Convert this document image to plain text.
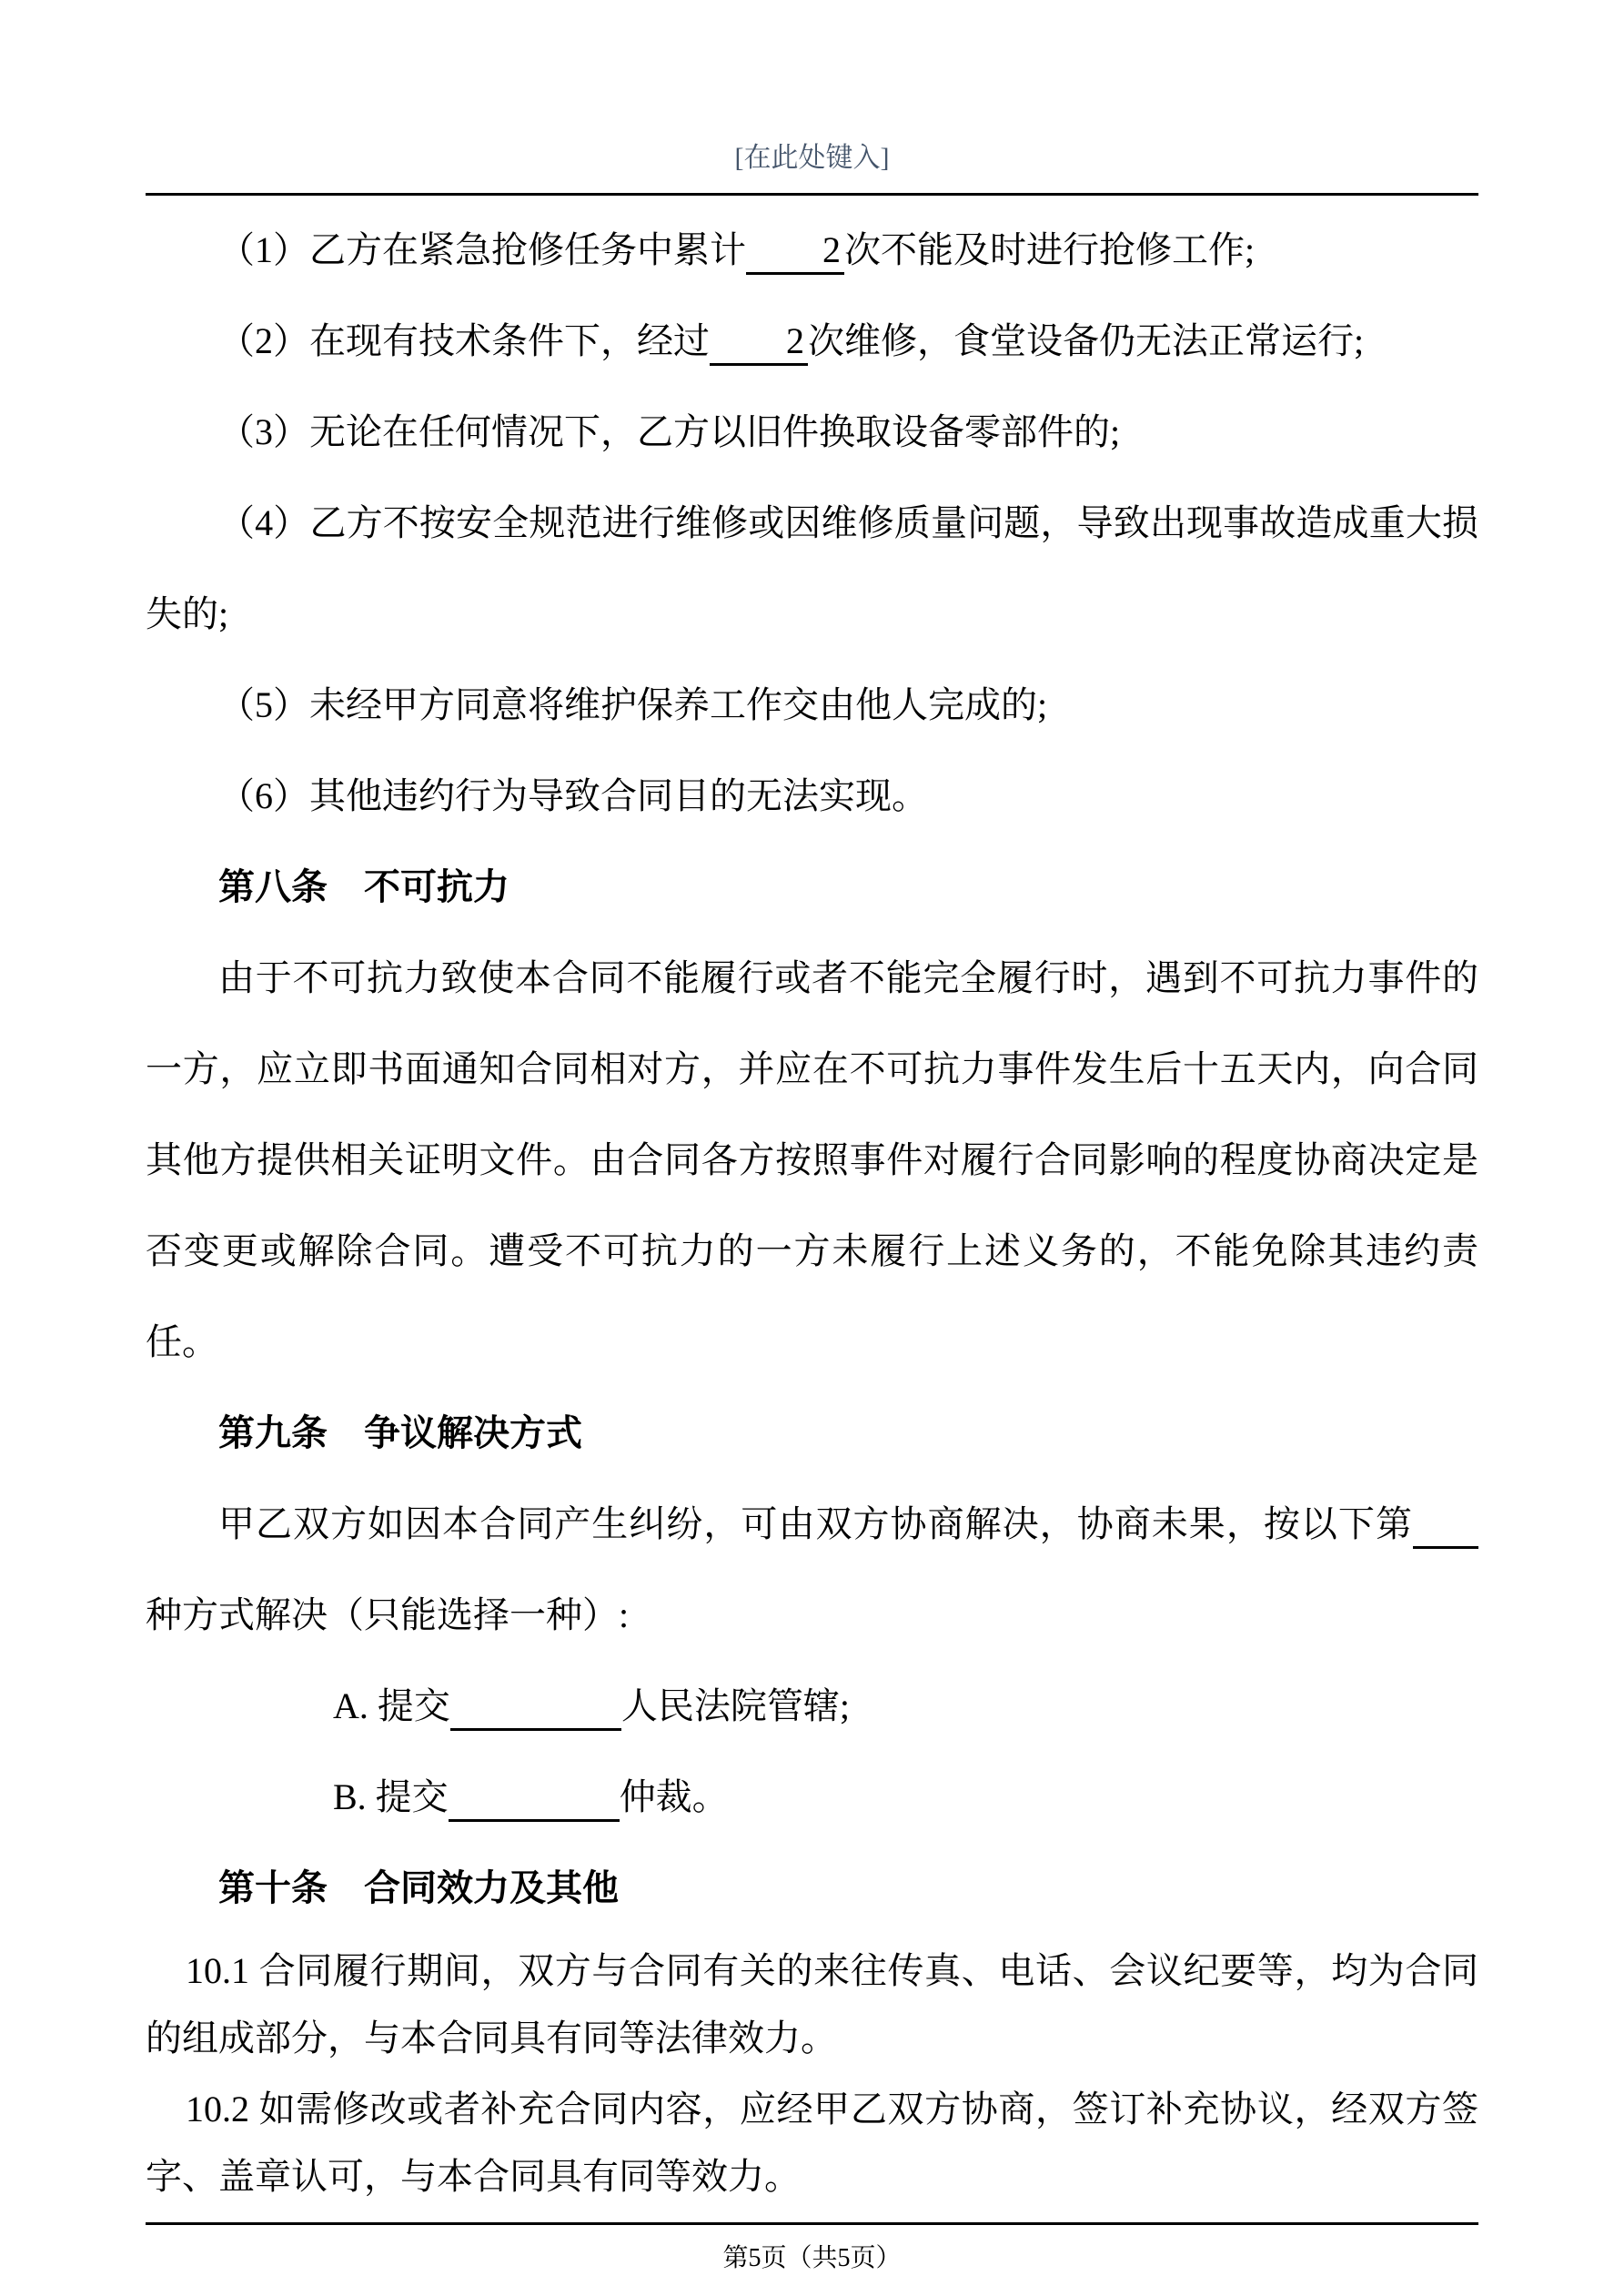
[在此处键入]

（1）乙方在紧急抢修任务中累计 2 次不能及时进行抢修工作;

（2）在现有技术条件下，经过 2 次维修，食堂设备仍无法正常运行;

（3）无论在任何情况下，乙方以旧件换取设备零部件的;

（4）乙方不按安全规范进行维修或因维修质量问题，导致出现事故造成重大损失的;

（5）未经甲方同意将维护保养工作交由他人完成的;

（6）其他违约行为导致合同目的无法实现。

第八条　不可抗力

由于不可抗力致使本合同不能履行或者不能完全履行时，遇到不可抗力事件的一方，应立即书面通知合同相对方，并应在不可抗力事件发生后十五天内，向合同其他方提供相关证明文件。由合同各方按照事件对履行合同影响的程度协商决定是否变更或解除合同。遭受不可抗力的一方未履行上述义务的，不能免除其违约责任。

第九条　争议解决方式

甲乙双方如因本合同产生纠纷，可由双方协商解决，协商未果，按以下第

种方式解决（只能选择一种）:

A. 提交	人民法院管辖;

B. 提交	仲裁。

第十条　合同效力及其他

10.1 合同履行期间，双方与合同有关的来往传真、电话、会议纪要等，均为合同的组成部分，与本合同具有同等法律效力。

10.2 如需修改或者补充合同内容，应经甲乙双方协商，签订补充协议，经双方签字、盖章认可，与本合同具有同等效力。

第5页（共5页）
